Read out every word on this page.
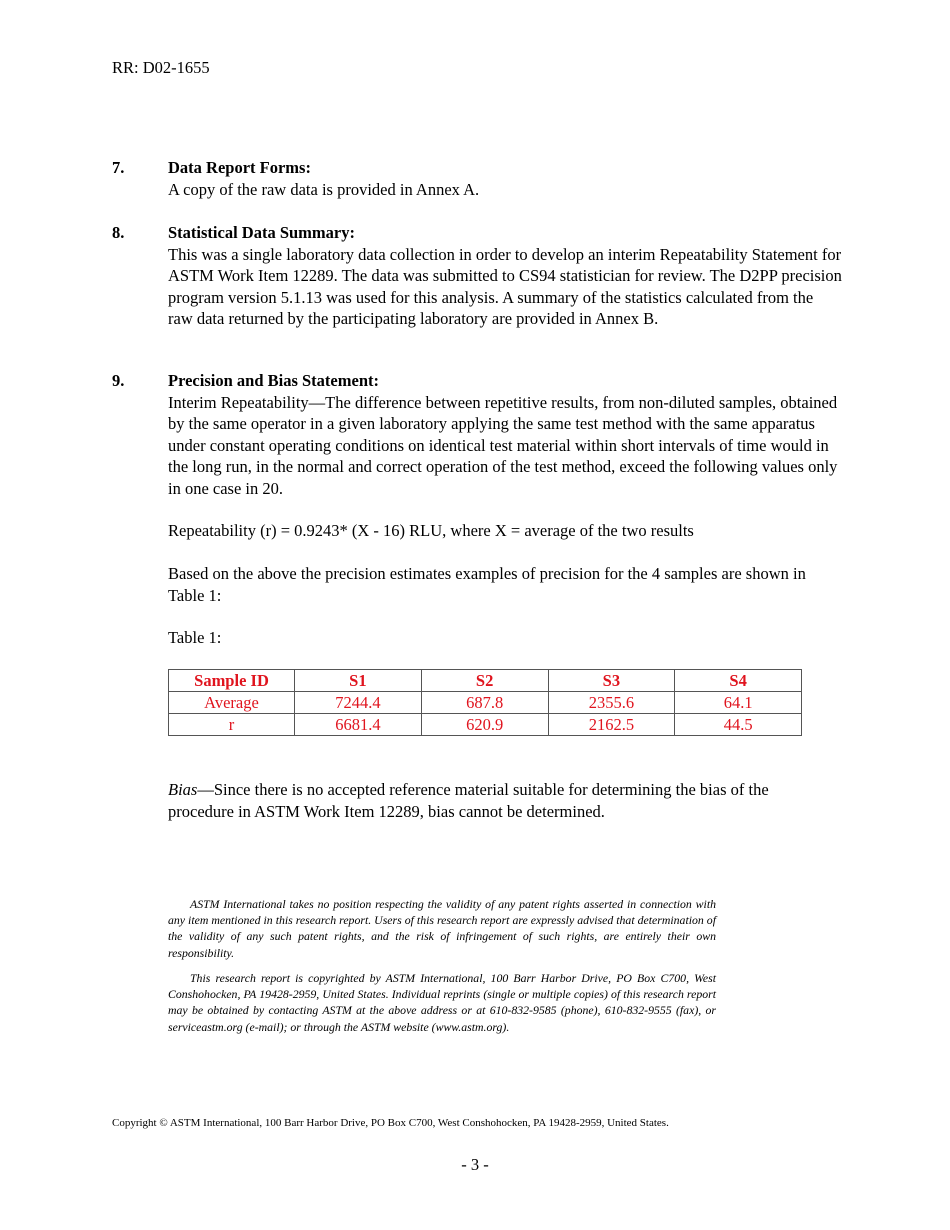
RR: D02-1655
7.	Data Report Forms:
A copy of the raw data is provided in Annex A.
8.	Statistical Data Summary:
This was a single laboratory data collection in order to develop an interim Repeatability Statement for ASTM Work Item 12289. The data was submitted to CS94 statistician for review. The D2PP precision program version 5.1.13 was used for this analysis. A summary of the statistics calculated from the raw data returned by the participating laboratory are provided in Annex B.
9.	Precision and Bias Statement:
Interim Repeatability—The difference between repetitive results, from non-diluted samples, obtained by the same operator in a given laboratory applying the same test method with the same apparatus under constant operating conditions on identical test material within short intervals of time would in the long run, in the normal and correct operation of the test method, exceed the following values only in one case in 20.
Repeatability (r) = 0.9243* (X - 16) RLU, where X = average of the two results
Based on the above the precision estimates examples of precision for the 4 samples are shown in Table 1:
Table 1:
Sample ID	S1	S2	S3	S4
Average	7244.4	687.8	2355.6	64.1
r	6681.4	620.9	2162.5	44.5
Bias—Since there is no accepted reference material suitable for determining the bias of the procedure in ASTM Work Item 12289, bias cannot be determined.

ASTM International takes no position respecting the validity of any patent rights asserted in connection with any item mentioned in this research report. Users of this research report are expressly advised that determination of the validity of any such patent rights, and the risk of infringement of such rights, are entirely their own responsibility.

This research report is copyrighted by ASTM International, 100 Barr Harbor Drive, PO Box C700, West Conshohocken, PA 19428-2959, United States. Individual reprints (single or multiple copies) of this research report may be obtained by contacting ASTM at the above address or at 610-832-9585 (phone), 610-832-9555 (fax), or serviceastm.org (e-mail); or through the ASTM website (www.astm.org).

Copyright © ASTM International, 100 Barr Harbor Drive, PO Box C700, West Conshohocken, PA 19428-2959, United States.
- 3 -
